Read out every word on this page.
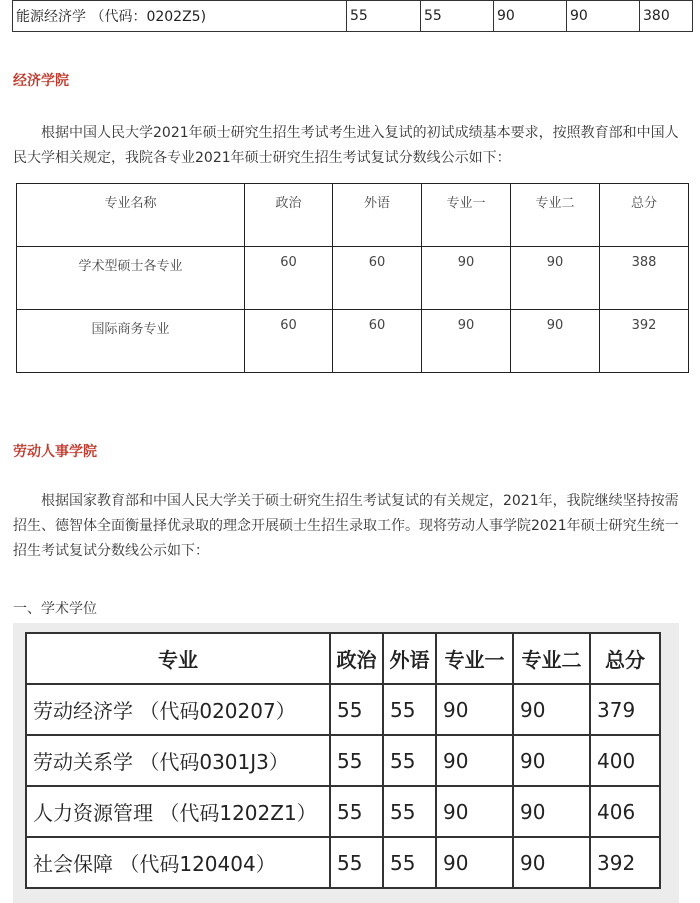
能源经济学 （代码：0202Z5)	55	55	90	90	380
经济学院

根据中国人民大学2021年硕士研究生招生考试考生进入复试的初试成绩基本要求，按照教育部和中国人民大学相关规定，我院各专业2021年硕士研究生招生考试复试分数线公示如下：

专业名称	政治	外语	专业一	专业二	总分
学术型硕士各专业	60	60	90	90	388
国际商务专业	60	60	90	90	392
劳动人事学院

根据国家教育部和中国人民大学关于硕士研究生招生考试复试的有关规定，2021年，我院继续坚持按需招生、德智体全面衡量择优录取的理念开展硕士生招生录取工作。现将劳动人事学院2021年硕士研究生统一招生考试复试分数线公示如下：

一、学术学位
专业	政治	外语	专业一	专业二	总分
劳动经济学 （代码020207）	55	55	90	90	379
劳动关系学 （代码0301J3）	55	55	90	90	400
人力资源管理 （代码1202Z1）	55	55	90	90	406
社会保障 （代码120404）	55	55	90	90	392
